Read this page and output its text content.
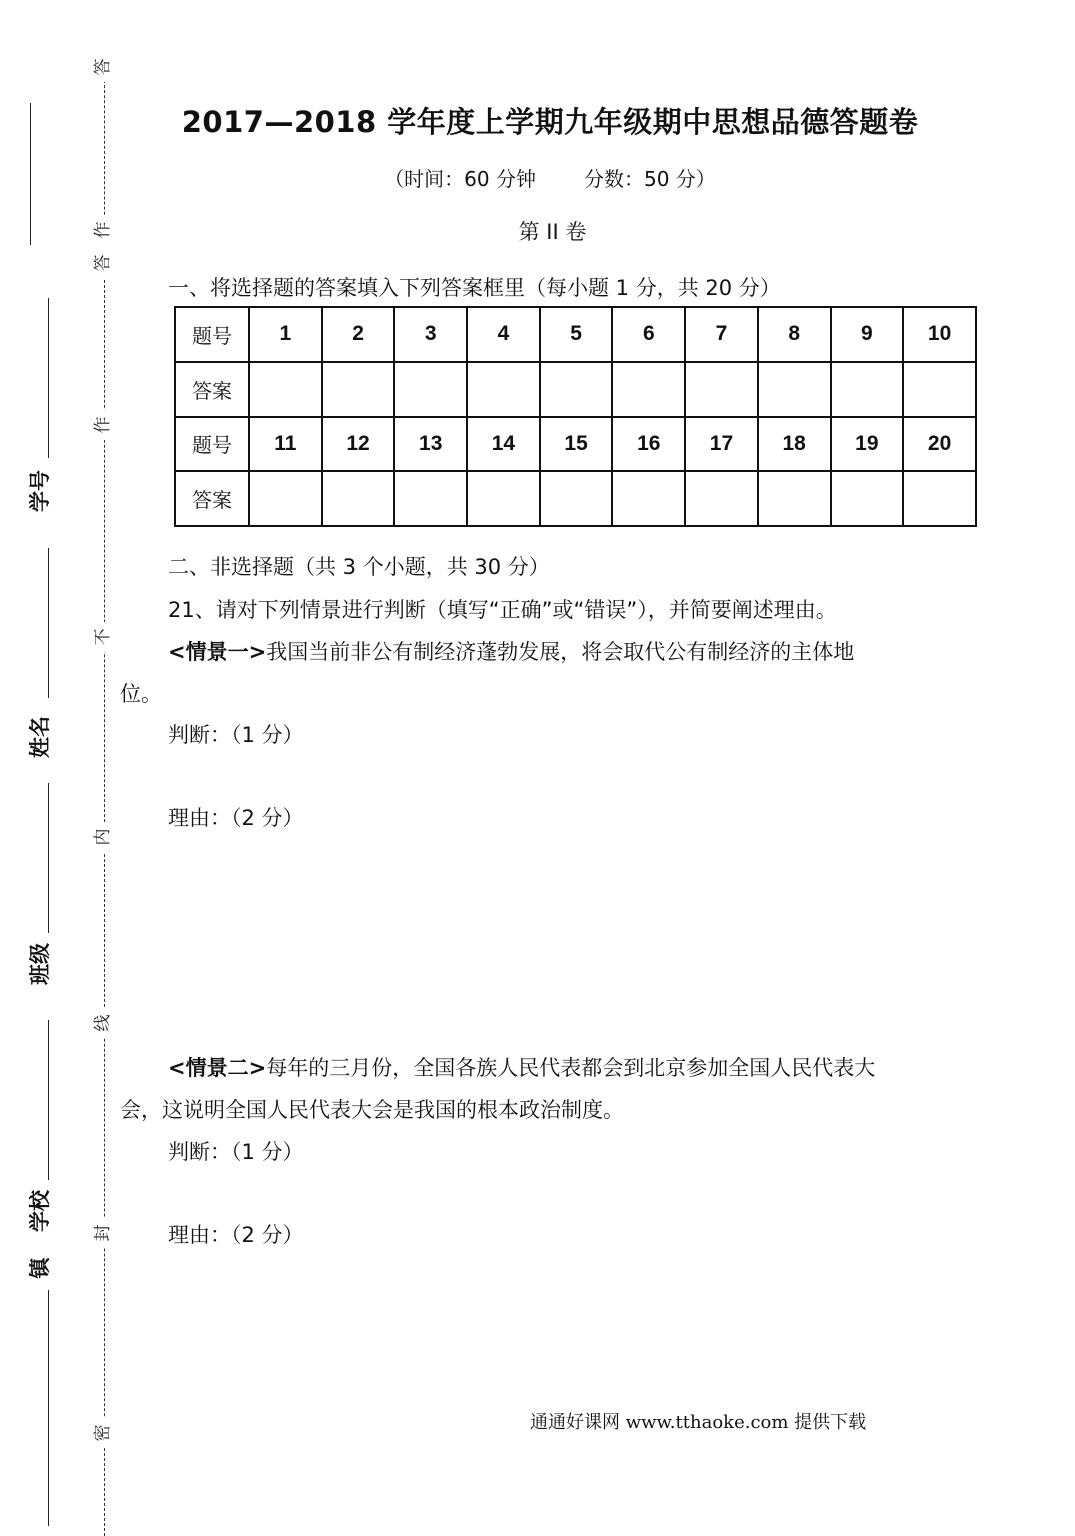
答
作
答
作
不
内
线
封
密
学号
姓名
班级
学校
镇
2017—2018 学年度上学期九年级期中思想品德答题卷
（时间：60 分钟 分数：50 分）
第 II 卷
一、将选择题的答案填入下列答案框里（每小题 1 分，共 20 分）
题号	1	2	3	4	5	6	7	8	9	10
答案										
题号	11	12	13	14	15	16	17	18	19	20
答案										
二、非选择题（共 3 个小题，共 30 分）
21、请对下列情景进行判断（填写“正确”或“错误”），并简要阐述理由。
<情景一>我国当前非公有制经济蓬勃发展，将会取代公有制经济的主体地
位。
判断：（1 分）
理由：（2 分）
<情景二>每年的三月份，全国各族人民代表都会到北京参加全国人民代表大
会，这说明全国人民代表大会是我国的根本政治制度。
判断：（1 分）
理由：（2 分）
通通好课网 www.tthaoke.com 提供下载
